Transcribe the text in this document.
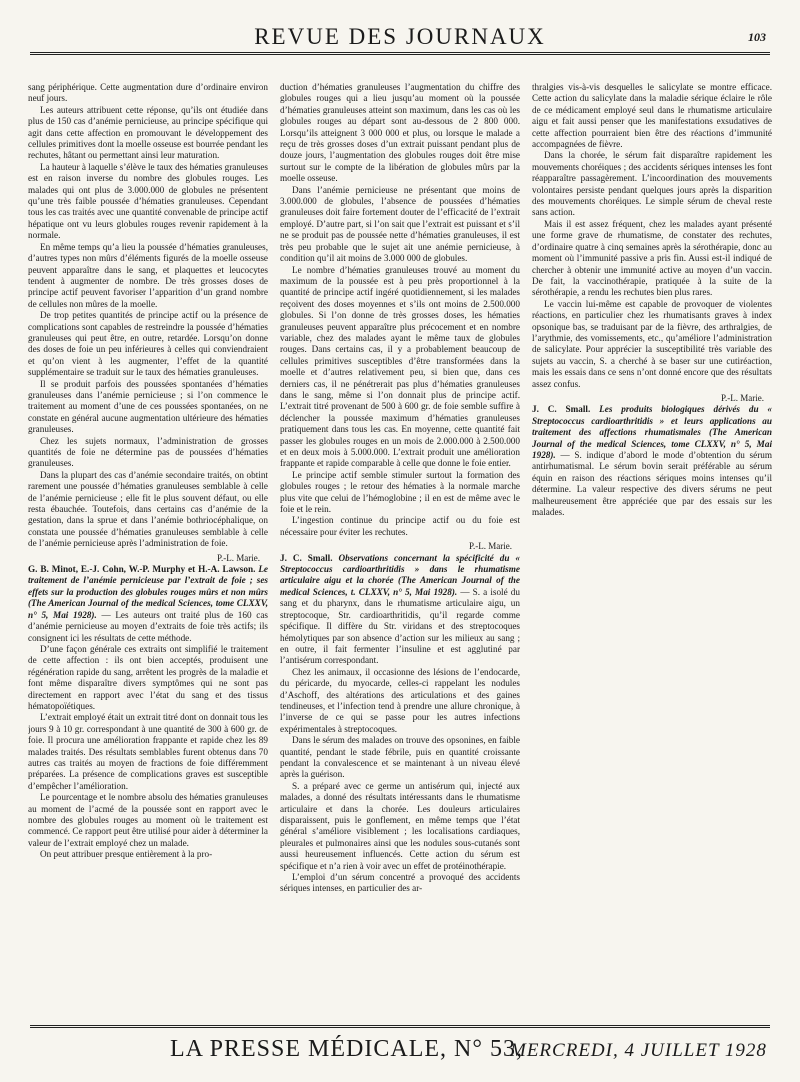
REVUE DES JOURNAUX	103

sang périphérique. Cette augmentation dure d’ordinaire environ neuf jours.

Les auteurs attribuent cette réponse, qu’ils ont étudiée dans plus de 150 cas d’anémie pernicieuse, au principe spécifique qui agit dans cette affection en promouvant le développement des cellules primitives dont la moelle osseuse est bourrée pendant les rechutes, hâtant ou permettant ainsi leur maturation.

La hauteur à laquelle s’élève le taux des hématies granuleuses est en raison inverse du nombre des globules rouges. Les malades qui ont plus de 3.000.000 de globules ne présentent qu’une très faible poussée d’hématies granuleuses. Cependant tous les cas traités avec une quantité convenable de principe actif hépatique ont vu leurs globules rouges revenir rapidement à la normale.

En même temps qu’a lieu la poussée d’hématies granuleuses, d’autres types non mûrs d’éléments figurés de la moelle osseuse peuvent apparaître dans le sang, et plaquettes et leucocytes tendent à augmenter de nombre. De très grosses doses de principe actif peuvent favoriser l’apparition d’un grand nombre de cellules non mûres de la moelle.

De trop petites quantités de principe actif ou la présence de complications sont capables de restreindre la poussée d’hématies granuleuses qui peut être, en outre, retardée. Lorsqu’on donne des doses de foie un peu inférieures à celles qui conviendraient et qu’on vient à les augmenter, l’effet de la quantité supplémentaire se traduit sur le taux des hématies granuleuses.

Il se produit parfois des poussées spontanées d’hématies granuleuses dans l’anémie pernicieuse ; si l’on commence le traitement au moment d’une de ces poussées spontanées, on ne constate en général aucune augmentation ultérieure des hématies granuleuses.

Chez les sujets normaux, l’administration de grosses quantités de foie ne détermine pas de poussées d’hématies granuleuses.

Dans la plupart des cas d’anémie secondaire traités, on obtint rarement une poussée d’hématies granuleuses semblable à celle de l’anémie pernicieuse ; elle fit le plus souvent défaut, ou elle resta ébauchée. Toutefois, dans certains cas d’anémie de la gestation, dans la sprue et dans l’anémie bothriocéphalique, on constata une poussée d’hématies granuleuses semblable à celle de l’anémie pernicieuse après l’administration de foie.

P.-L. Marie.

G. B. Minot, E.-J. Cohn, W.-P. Murphy et H.-A. Lawson. Le traitement de l’anémie pernicieuse par l’extrait de foie ; ses effets sur la production des globules rouges mûrs et non mûrs (The American Journal of the medical Sciences, tome CLXXV, n° 5, Mai 1928). — Les auteurs ont traité plus de 160 cas d’anémie pernicieuse au moyen d’extraits de foie très actifs; ils consignent ici les résultats de cette méthode.

D’une façon générale ces extraits ont simplifié le traitement de cette affection : ils ont bien acceptés, produisent une régénération rapide du sang, arrêtent les progrès de la maladie et font même disparaître divers symptômes qui ne sont pas directement en rapport avec l’état du sang et des tissus hématopoïétiques.

L’extrait employé était un extrait titré dont on donnait tous les jours 9 à 10 gr. correspondant à une quantité de 300 à 600 gr. de foie. Il procura une amélioration frappante et rapide chez les 89 malades traités. Des résultats semblables furent obtenus dans 70 autres cas traités au moyen de fractions de foie différemment préparées. La présence de complications graves est susceptible d’empêcher l’amélioration.

Le pourcentage et le nombre absolu des hématies granuleuses au moment de l’acmé de la poussée sont en rapport avec le nombre des globules rouges au moment où le traitement est commencé. Ce rapport peut être utilisé pour aider à déterminer la valeur de l’extrait employé chez un malade.

On peut attribuer presque entièrement à la pro-

duction d’hématies granuleuses l’augmentation du chiffre des globules rouges qui a lieu jusqu’au moment où la poussée d’hématies granuleuses atteint son maximum, dans les cas où les globules rouges au départ sont au-dessous de 2 800 000. Lorsqu’ils atteignent 3 000 000 et plus, ou lorsque le malade a reçu de très grosses doses d’un extrait puissant pendant plus de douze jours, l’augmentation des globules rouges doit être mise surtout sur le compte de la libération de globules mûrs par la moelle osseuse.

Dans l’anémie pernicieuse ne présentant que moins de 3.000.000 de globules, l’absence de poussées d’hématies granuleuses doit faire fortement douter de l’efficacité de l’extrait employé. D’autre part, si l’on sait que l’extrait est puissant et s’il ne se produit pas de poussée nette d’hématies granuleuses, il est très peu probable que le sujet ait une anémie pernicieuse, à condition qu’il ait moins de 3.000 000 de globules.

Le nombre d’hématies granuleuses trouvé au moment du maximum de la poussée est à peu près proportionnel à la quantité de principe actif ingéré quotidiennement, si les malades reçoivent des doses moyennes et s’ils ont moins de 2.500.000 globules. Si l’on donne de très grosses doses, les hématies granuleuses peuvent apparaître plus précocement et en nombre variable, chez des malades ayant le même taux de globules rouges. Dans certains cas, il y a probablement beaucoup de cellules primitives susceptibles d’être transformées dans la moelle et d’autres relativement peu, si bien que, dans ces derniers cas, il ne pénétrerait pas plus d’hématies granuleuses dans le sang, même si l’on donnait plus de principe actif. L’extrait titré provenant de 500 à 600 gr. de foie semble suffire à déclencher la poussée maximum d’hématies granuleuses pratiquement dans tous les cas. En moyenne, cette quantité fait passer les globules rouges en un mois de 2.000.000 à 2.500.000 et en deux mois à 5.000.000. L’extrait produit une amélioration frappante et rapide comparable à celle que donne le foie entier.

Le principe actif semble stimuler surtout la formation des globules rouges ; le retour des hématies à la normale marche plus vite que celui de l’hémoglobine ; il en est de même avec le foie et le rein.

L’ingestion continue du principe actif ou du foie est nécessaire pour éviter les rechutes.

P.-L. Marie.

J. C. Small. Observations concernant la spécificité du « Streptococcus cardioarthritidis » dans le rhumatisme articulaire aigu et la chorée (The American Journal of the medical Sciences, t. CLXXV, n° 5, Mai 1928). — S. a isolé du sang et du pharynx, dans le rhumatisme articulaire aigu, un streptocoque, Str. cardioarthritidis, qu’il regarde comme spécifique. Il diffère du Str. viridans et des streptocoques hémolytiques par son absence d’action sur les milieux au sang ; en outre, il fait fermenter l’insuline et est agglutiné par l’antisérum correspondant.

Chez les animaux, il occasionne des lésions de l’endocarde, du péricarde, du myocarde, celles-ci rappelant les nodules d’Aschoff, des altérations des articulations et des gaines tendineuses, et l’infection tend à prendre une allure chronique, à l’inverse de ce qui se passe pour les autres infections expérimentales à streptocoques.

Dans le sérum des malades on trouve des opsonines, en faible quantité, pendant le stade fébrile, puis en quantité croissante pendant la convalescence et se maintenant à un niveau élevé après la guérison.

S. a préparé avec ce germe un antisérum qui, injecté aux malades, a donné des résultats intéressants dans le rhumatisme articulaire et dans la chorée. Les douleurs articulaires disparaissent, puis le gonflement, en même temps que l’état général s’améliore visiblement ; les localisations cardiaques, pleurales et pulmonaires ainsi que les nodules sous-cutanés sont aussi heureusement influencés. Cette action du sérum est spécifique et n’a rien à voir avec un effet de protéinothérapie.

L’emploi d’un sérum concentré a provoqué des accidents sériques intenses, en particulier des ar-

thralgies vis-à-vis desquelles le salicylate se montre efficace. Cette action du salicylate dans la maladie sérique éclaire le rôle de ce médicament employé seul dans le rhumatisme articulaire aigu et fait aussi penser que les manifestations exsudatives de cette affection pourraient bien être des réactions d’immunité accompagnées de fièvre.

Dans la chorée, le sérum fait disparaître rapidement les mouvements choréiques ; des accidents sériques intenses les font réapparaître passagèrement. L’incoordination des mouvements volontaires persiste pendant quelques jours après la disparition des mouvements choréiques. Le simple sérum de cheval reste sans action.

Mais il est assez fréquent, chez les malades ayant présenté une forme grave de rhumatisme, de constater des rechutes, d’ordinaire quatre à cinq semaines après la sérothérapie, donc au moment où l’immunité passive a pris fin. Aussi est-il indiqué de chercher à obtenir une immunité active au moyen d’un vaccin. De fait, la vaccinothérapie, pratiquée à la suite de la sérothérapie, a rendu les rechutes bien plus rares.

Le vaccin lui-même est capable de provoquer de violentes réactions, en particulier chez les rhumatisants graves à index opsonique bas, se traduisant par de la fièvre, des arthralgies, de l’arythmie, des vomissements, etc., qu’améliore l’administration de salicylate. Pour apprécier la susceptibilité très variable des sujets au vaccin, S. a cherché à se baser sur une cutiréaction, mais les essais dans ce sens n’ont donné encore que des résultats assez confus.

P.-L. Marie.

J. C. Small. Les produits biologiques dérivés du « Streptococcus cardioarthritidis » et leurs applications au traitement des affections rhumatismales (The American Journal of the medical Sciences, tome CLXXV, n° 5, Mai 1928). — S. indique d’abord le mode d’obtention du sérum antirhumatismal. Le sérum bovin serait préférable au sérum équin en raison des réactions sériques moins intenses qu’il détermine. La valeur respective des divers sérums ne peut malheureusement être appréciée que par des essais sur les malades.

LA PRESSE MÉDICALE, N° 53,
MERCREDI, 4 JUILLET 1928
